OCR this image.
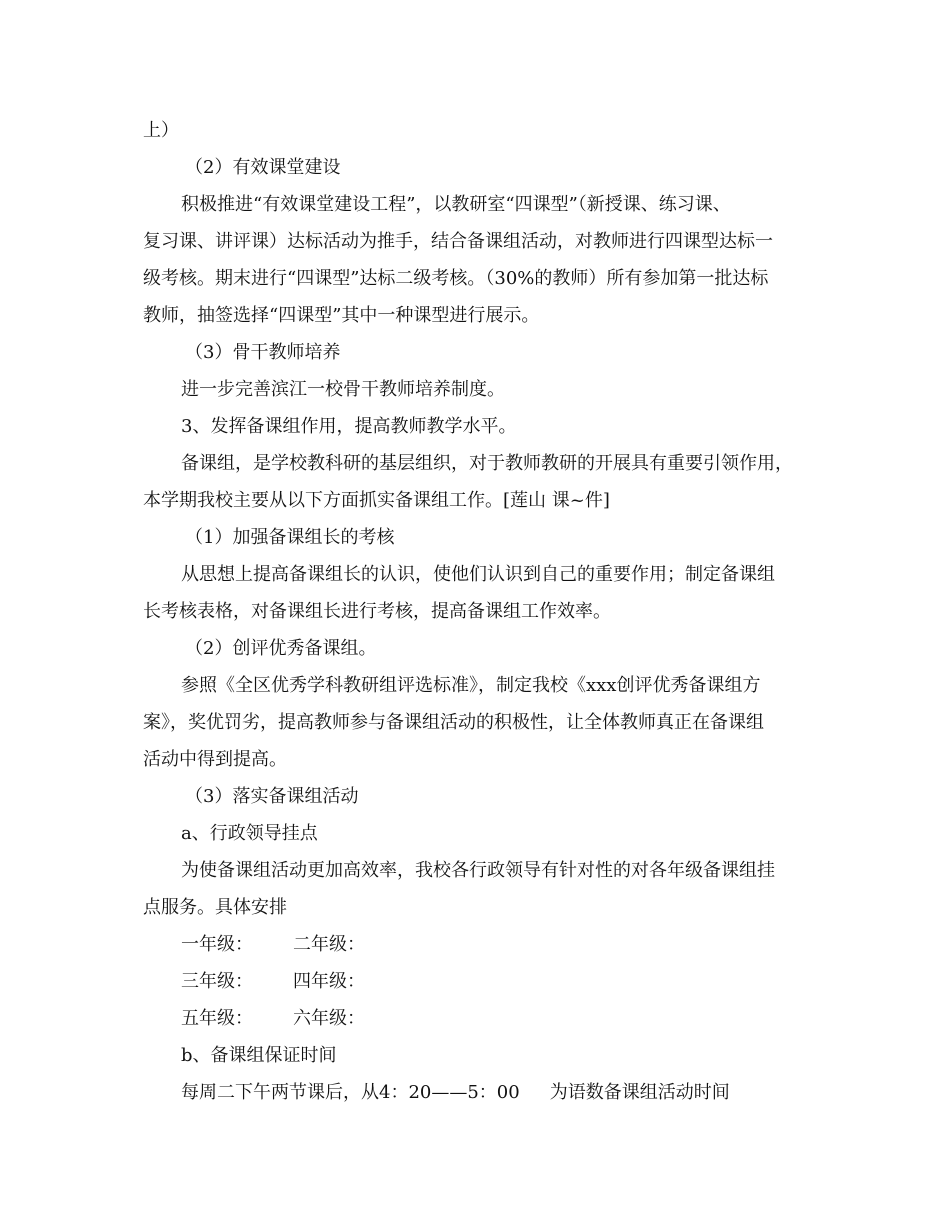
上）
（2）有效课堂建设
积极推进“有效课堂建设工程”，以教研室“四课型”（新授课、练习课、
复习课、讲评课）达标活动为推手，结合备课组活动，对教师进行四课型达标一
级考核。期末进行“四课型”达标二级考核。（30%的教师）所有参加第一批达标
教师，抽签选择“四课型”其中一种课型进行展示。
（3）骨干教师培养
进一步完善滨江一校骨干教师培养制度。
3、发挥备课组作用，提高教师教学水平。
备课组，是学校教科研的基层组织，对于教师教研的开展具有重要引领作用，
本学期我校主要从以下方面抓实备课组工作。[莲山 课~件]
（1）加强备课组长的考核
从思想上提高备课组长的认识，使他们认识到自己的重要作用；制定备课组
长考核表格，对备课组长进行考核，提高备课组工作效率。
（2）创评优秀备课组。
参照《全区优秀学科教研组评选标准》，制定我校《xxx创评优秀备课组方
案》，奖优罚劣，提高教师参与备课组活动的积极性，让全体教师真正在备课组
活动中得到提高。
（3）落实备课组活动
a、行政领导挂点
为使备课组活动更加高效率，我校各行政领导有针对性的对各年级备课组挂
点服务。具体安排
一年级： 二年级：
三年级： 四年级：
五年级： 六年级：
b、备课组保证时间
每周二下午两节课后，从4：20——5：00 为语数备课组活动时间
